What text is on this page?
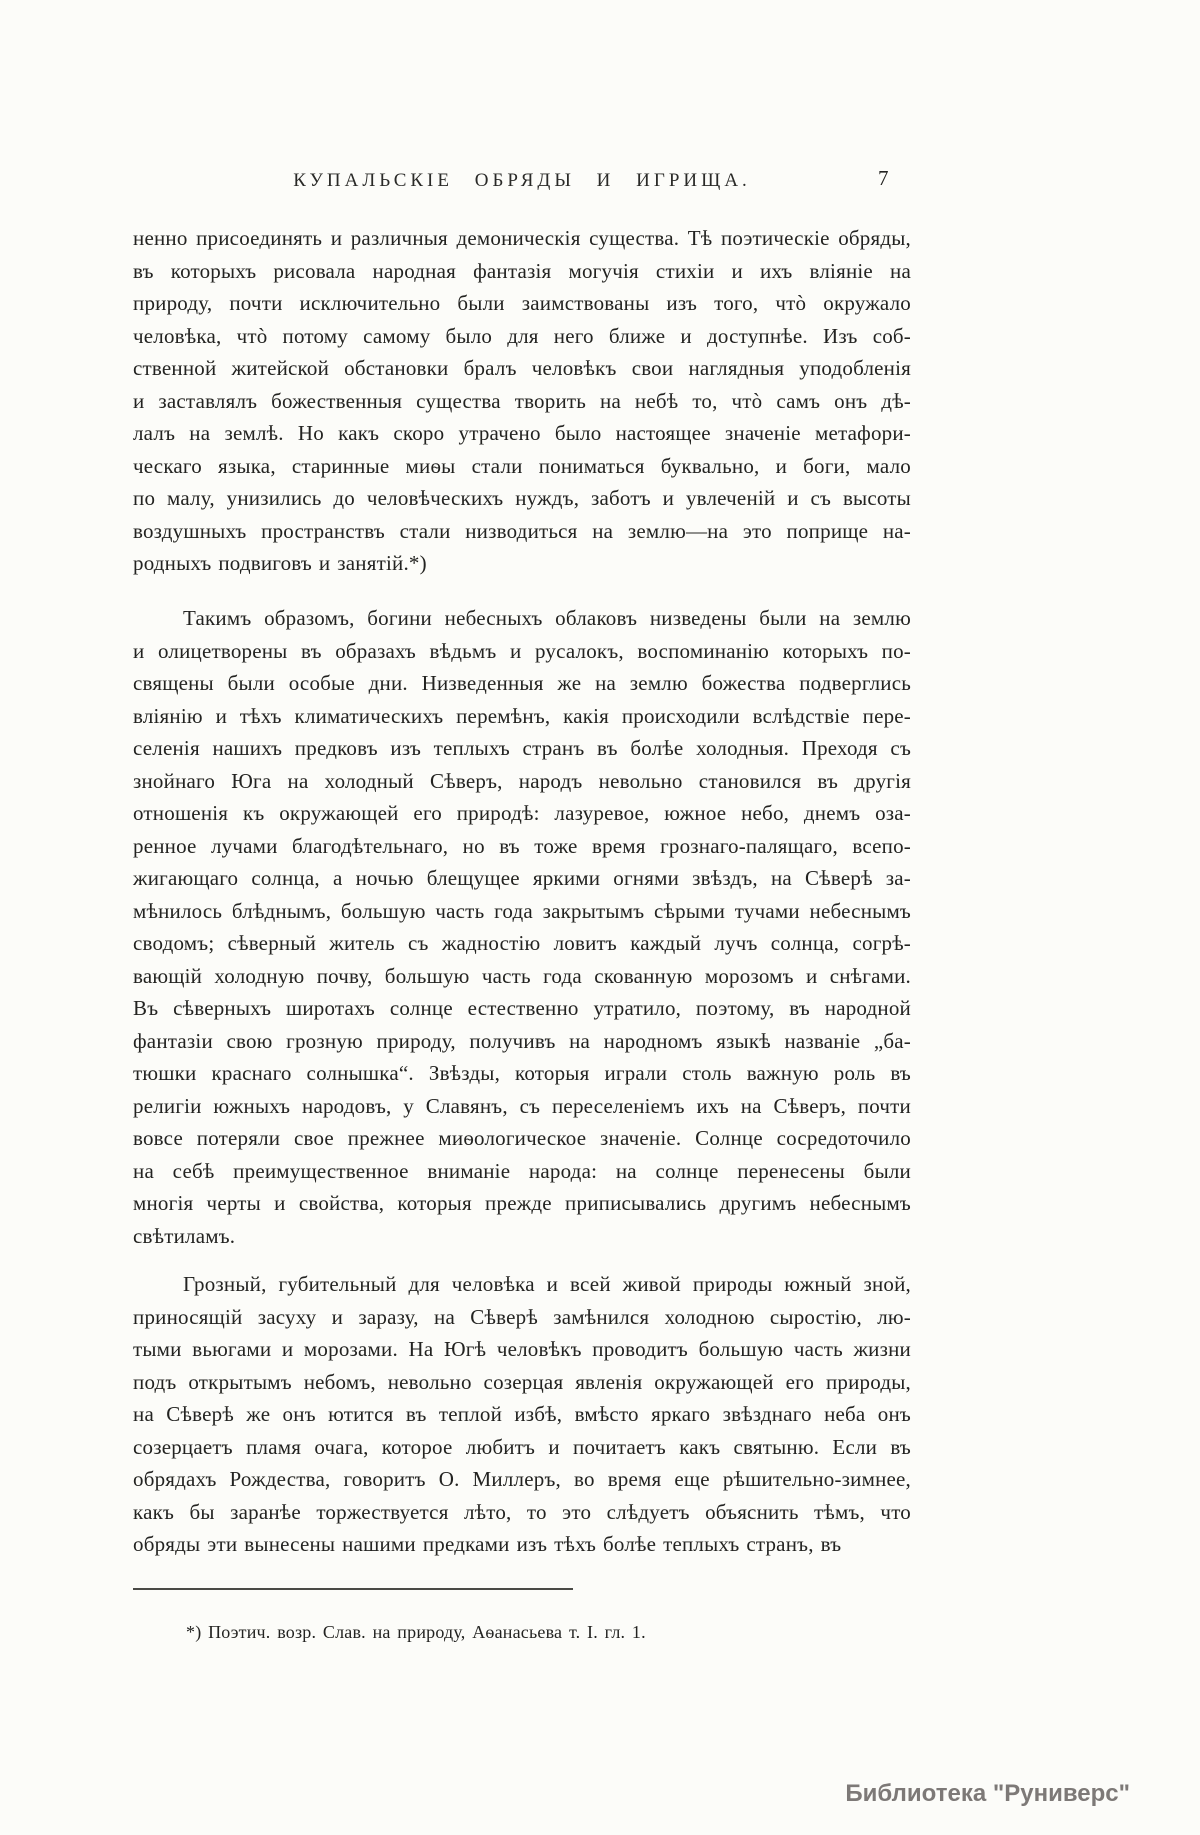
КУПАЛЬСКІЕ ОБРЯДЫ И ИГРИЩА.	7
ненно присоединять и различныя демоническія существа. Тѣ поэтическіе обряды,
въ которыхъ рисовала народная фантазія могучія стихіи и ихъ вліяніе на
природу, почти исключительно были заимствованы изъ того, чтò окружало
человѣка, чтò потому самому было для него ближе и доступнѣе. Изъ соб-
ственной житейской обстановки бралъ человѣкъ свои наглядныя уподобленія
и заставлялъ божественныя существа творить на небѣ то, чтò самъ онъ дѣ-
лалъ на землѣ. Но какъ скоро утрачено было настоящее значеніе метафори-
ческаго языка, старинные миѳы стали пониматься буквально, и боги, мало
по малу, унизились до человѣческихъ нуждъ, заботъ и увлеченій и съ высоты
воздушныхъ пространствъ стали низводиться на землю—на это поприще на-
родныхъ подвиговъ и занятій.*)
Такимъ образомъ, богини небесныхъ облаковъ низведены были на землю
и олицетворены въ образахъ вѣдьмъ и русалокъ, воспоминанію которыхъ по-
священы были особые дни. Низведенныя же на землю божества подверглись
вліянію и тѣхъ климатическихъ перемѣнъ, какія происходили вслѣдствіе пере-
селенія нашихъ предковъ изъ теплыхъ странъ въ болѣе холодныя. Преходя съ
знойнаго Юга на холодный Сѣверъ, народъ невольно становился въ другія
отношенія къ окружающей его природѣ: лазуревое, южное небо, днемъ оза-
ренное лучами благодѣтельнаго, но въ тоже время грознаго-палящаго, всепо-
жигающаго солнца, а ночью блещущее яркими огнями звѣздъ, на Сѣверѣ за-
мѣнилось блѣднымъ, большую часть года закрытымъ сѣрыми тучами небеснымъ
сводомъ; сѣверный житель съ жадностію ловитъ каждый лучъ солнца, согрѣ-
вающій холодную почву, большую часть года скованную морозомъ и снѣгами.
Въ сѣверныхъ широтахъ солнце естественно утратило, поэтому, въ народной
фантазіи свою грозную природу, получивъ на народномъ языкѣ названіе „ба-
тюшки краснаго солнышка“. Звѣзды, которыя играли столь важную роль въ
религіи южныхъ народовъ, у Славянъ, съ переселеніемъ ихъ на Сѣверъ, почти
вовсе потеряли свое прежнее миѳологическое значеніе. Солнце сосредоточило
на себѣ преимущественное вниманіе народа: на солнце перенесены были
многія черты и свойства, которыя прежде приписывались другимъ небеснымъ
свѣтиламъ.
Грозный, губительный для человѣка и всей живой природы южный зной,
приносящій засуху и заразу, на Сѣверѣ замѣнился холодною сыростію, лю-
тыми вьюгами и морозами. На Югѣ человѣкъ проводитъ большую часть жизни
подъ открытымъ небомъ, невольно созерцая явленія окружающей его природы,
на Сѣверѣ же онъ ютится въ теплой избѣ, вмѣсто яркаго звѣзднаго неба онъ
созерцаетъ пламя очага, которое любитъ и почитаетъ какъ святыню. Если въ
обрядахъ Рождества, говоритъ О. Миллеръ, во время еще рѣшительно-зимнее,
какъ бы заранѣе торжествуется лѣто, то это слѣдуетъ объяснить тѣмъ, что
обряды эти вынесены нашими предками изъ тѣхъ болѣе теплыхъ странъ, въ
*) Поэтич. возр. Слав. на природу, Аѳанасьева т. I. гл. 1.
Библиотека "Руниверс"
